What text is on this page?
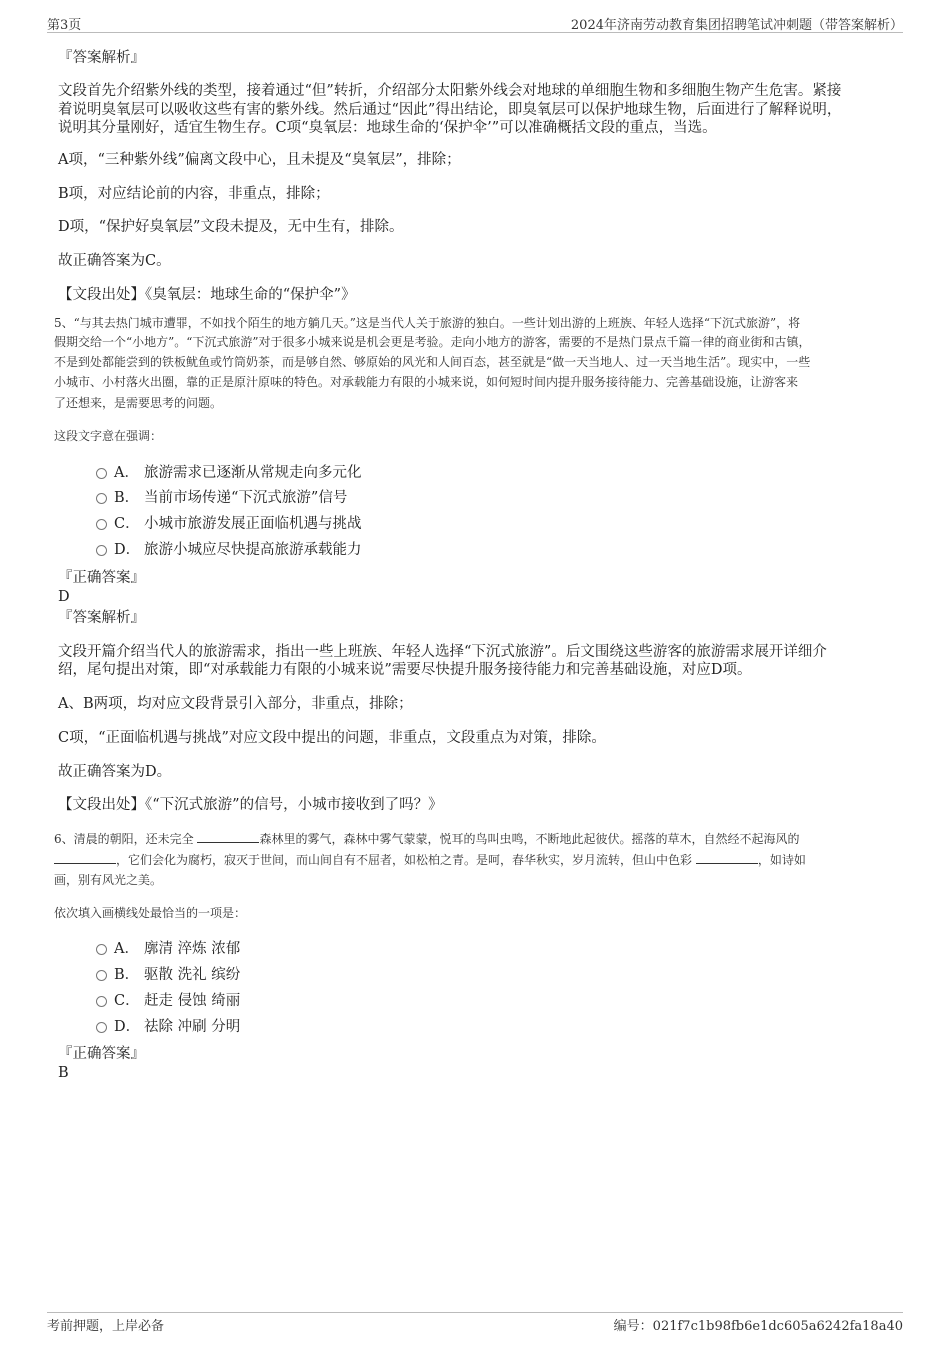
第3页	2024年济南劳动教育集团招聘笔试冲刺题（带答案解析）
『答案解析』
文段首先介绍紫外线的类型，接着通过“但”转折，介绍部分太阳紫外线会对地球的单细胞生物和多细胞生物产生危害。紧接
着说明臭氧层可以吸收这些有害的紫外线。然后通过“因此”得出结论，即臭氧层可以保护地球生物，后面进行了解释说明，
说明其分量刚好，适宜生物生存。C项“臭氧层：地球生命的‘保护伞’”可以准确概括文段的重点，当选。
A项，“三种紫外线”偏离文段中心，且未提及“臭氧层”，排除；
B项，对应结论前的内容，非重点，排除；
D项，“保护好臭氧层”文段未提及，无中生有，排除。
故正确答案为C。
【文段出处】《臭氧层：地球生命的“保护伞”》
5、“与其去热门城市遭罪，不如找个陌生的地方躺几天。”这是当代人关于旅游的独白。一些计划出游的上班族、年轻人选择“下沉式旅游”，将
假期交给一个“小地方”。“下沉式旅游”对于很多小城来说是机会更是考验。走向小地方的游客，需要的不是热门景点千篇一律的商业街和古镇，
不是到处都能尝到的铁板鱿鱼或竹筒奶茶，而是够自然、够原始的风光和人间百态，甚至就是“做一天当地人、过一天当地生活”。现实中，一些
小城市、小村落火出圈，靠的正是原汁原味的特色。对承载能力有限的小城来说，如何短时间内提升服务接待能力、完善基础设施，让游客来
了还想来，是需要思考的问题。
这段文字意在强调：
A． 旅游需求已逐渐从常规走向多元化
B． 当前市场传递“下沉式旅游”信号
C． 小城市旅游发展正面临机遇与挑战
D． 旅游小城应尽快提高旅游承载能力
『正确答案』
D
『答案解析』
文段开篇介绍当代人的旅游需求，指出一些上班族、年轻人选择“下沉式旅游”。后文围绕这些游客的旅游需求展开详细介
绍，尾句提出对策，即“对承载能力有限的小城来说”需要尽快提升服务接待能力和完善基础设施，对应D项。
A、B两项，均对应文段背景引入部分，非重点，排除；
C项，“正面临机遇与挑战”对应文段中提出的问题，非重点，文段重点为对策，排除。
故正确答案为D。
【文段出处】《“下沉式旅游”的信号，小城市接收到了吗？》
6、清晨的朝阳，还未完全	森林里的雾气，森林中雾气蒙蒙，悦耳的鸟叫虫鸣，不断地此起彼伏。摇落的草木，自然经不起海风的
，它们会化为腐朽，寂灭于世间，而山间自有不屈者，如松柏之青。是呵，春华秋实，岁月流转，但山中色彩	，如诗如
画，别有风光之美。
依次填入画横线处最恰当的一项是：
A． 廓清 淬炼 浓郁
B． 驱散 洗礼 缤纷
C． 赶走 侵蚀 绮丽
D． 祛除 冲刷 分明
『正确答案』
B
考前押题，上岸必备	编号：021f7c1b98fb6e1dc605a6242fa18a40
